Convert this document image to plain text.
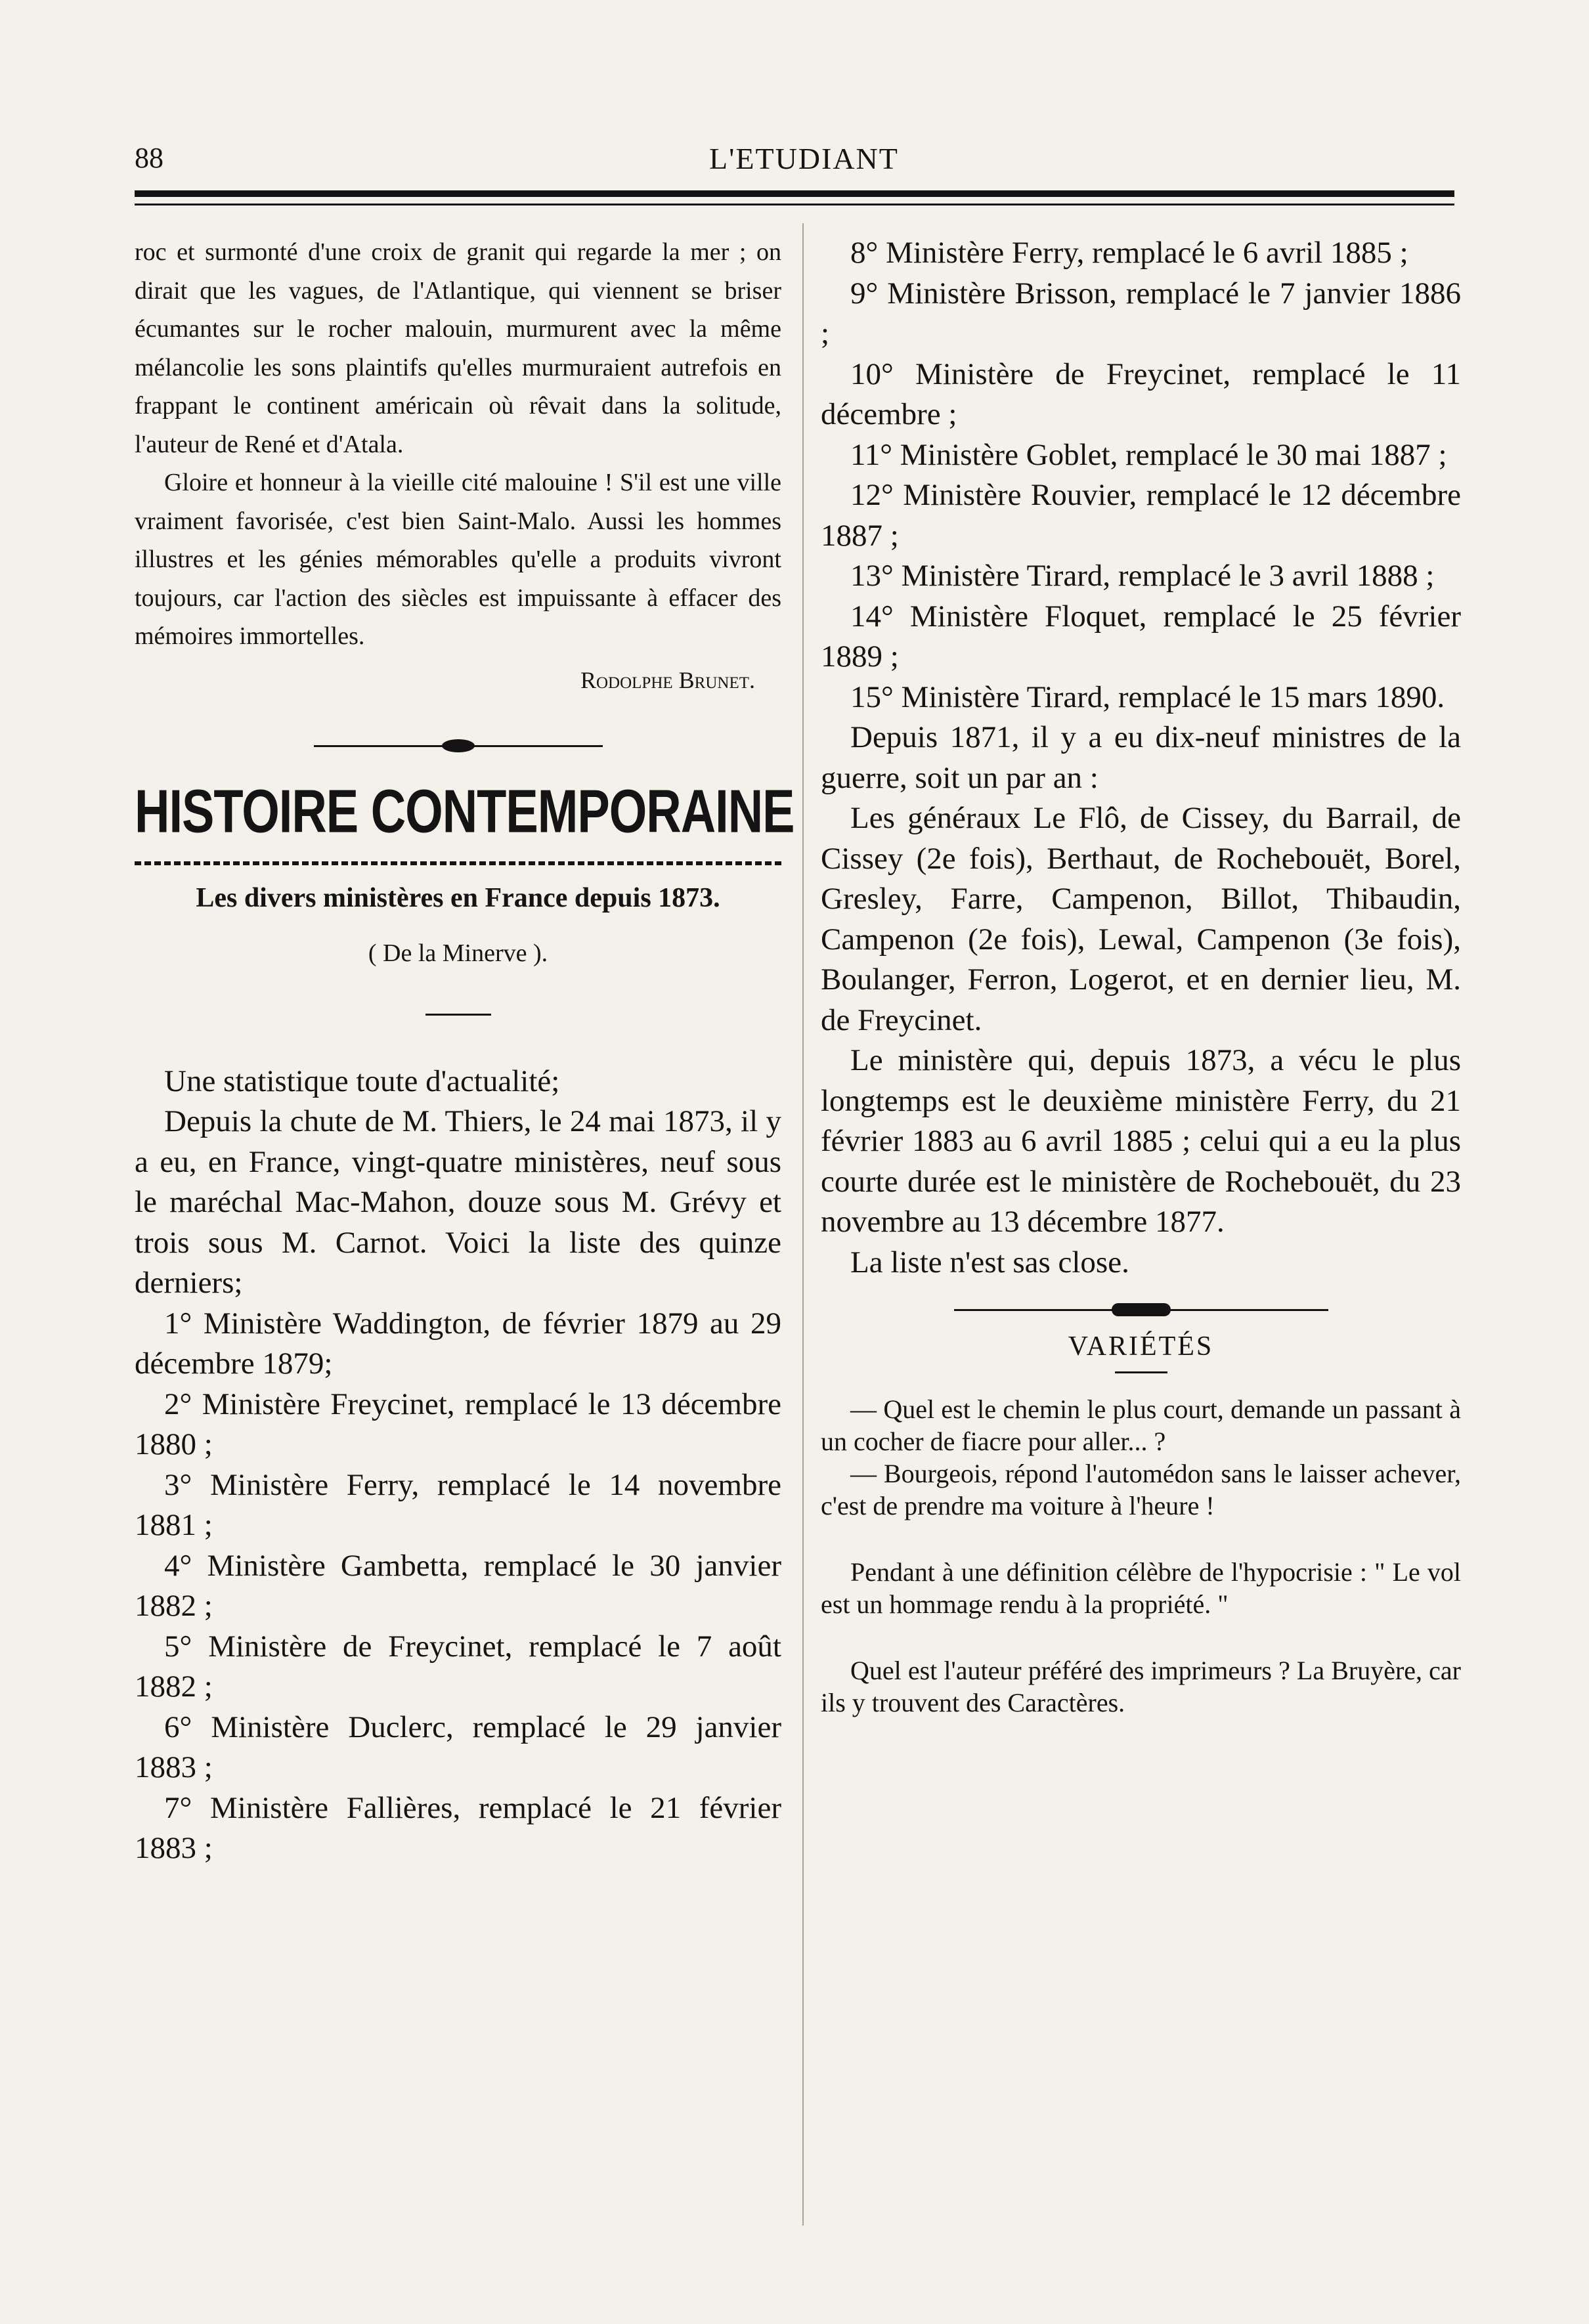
88	L'ETUDIANT

roc et surmonté d'une croix de granit qui regarde la mer ; on dirait que les vagues, de l'Atlantique, qui viennent se briser écumantes sur le rocher malouin, murmurent avec la même mélancolie les sons plaintifs qu'elles murmuraient autrefois en frappant le continent américain où rêvait dans la solitude, l'auteur de René et d'Atala.

Gloire et honneur à la vieille cité malouine ! S'il est une ville vraiment favorisée, c'est bien Saint-Malo. Aussi les hommes illustres et les génies mémorables qu'elle a produits vivront toujours, car l'action des siècles est impuissante à effacer des mémoires immortelles.

Rodolphe Brunet.
HISTOIRE CONTEMPORAINE
Les divers ministères en France depuis 1873.
( De la Minerve ).

Une statistique toute d'actualité;

Depuis la chute de M. Thiers, le 24 mai 1873, il y a eu, en France, vingt-quatre ministères, neuf sous le maréchal Mac-Mahon, douze sous M. Grévy et trois sous M. Carnot. Voici la liste des quinze derniers;

1° Ministère Waddington, de février 1879 au 29 décembre 1879;

2° Ministère Freycinet, remplacé le 13 décembre 1880 ;

3° Ministère Ferry, remplacé le 14 novembre 1881 ;

4° Ministère Gambetta, remplacé le 30 janvier 1882 ;

5° Ministère de Freycinet, remplacé le 7 août 1882 ;

6° Ministère Duclerc, remplacé le 29 janvier 1883 ;

7° Ministère Fallières, remplacé le 21 février 1883 ;

8° Ministère Ferry, remplacé le 6 avril 1885 ;

9° Ministère Brisson, remplacé le 7 janvier 1886 ;

10° Ministère de Freycinet, remplacé le 11 décembre ;

11° Ministère Goblet, remplacé le 30 mai 1887 ;

12° Ministère Rouvier, remplacé le 12 décembre 1887 ;

13° Ministère Tirard, remplacé le 3 avril 1888 ;

14° Ministère Floquet, remplacé le 25 février 1889 ;

15° Ministère Tirard, remplacé le 15 mars 1890.

Depuis 1871, il y a eu dix-neuf ministres de la guerre, soit un par an :

Les généraux Le Flô, de Cissey, du Barrail, de Cissey (2e fois), Berthaut, de Rochebouët, Borel, Gresley, Farre, Campenon, Billot, Thibaudin, Campenon (2e fois), Lewal, Campenon (3e fois), Boulanger, Ferron, Logerot, et en dernier lieu, M. de Freycinet.

Le ministère qui, depuis 1873, a vécu le plus longtemps est le deuxième ministère Ferry, du 21 février 1883 au 6 avril 1885 ; celui qui a eu la plus courte durée est le ministère de Rochebouët, du 23 novembre au 13 décembre 1877.

La liste n'est sas close.

VARIÉTÉS

— Quel est le chemin le plus court, demande un passant à un cocher de fiacre pour aller... ?

— Bourgeois, répond l'automédon sans le laisser achever, c'est de prendre ma voiture à l'heure !

Pendant à une définition célèbre de l'hypocrisie : " Le vol est un hommage rendu à la propriété. "

Quel est l'auteur préféré des imprimeurs ? La Bruyère, car ils y trouvent des Caractères.
